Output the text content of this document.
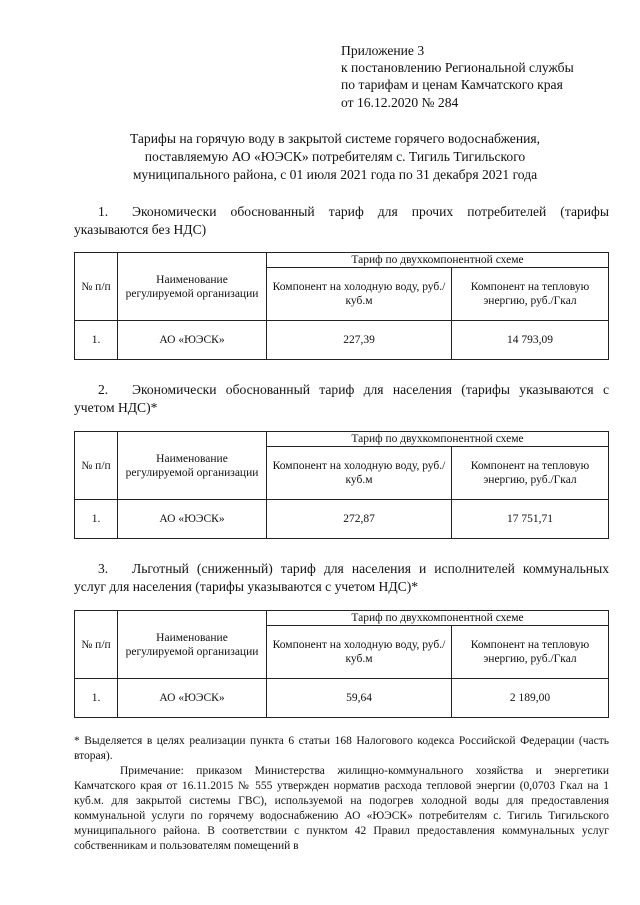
Приложение 3
к постановлению Региональной службы
по тарифам и ценам Камчатского края
от 16.12.2020 № 284
Тарифы на горячую воду в закрытой системе горячего водоснабжения,
поставляемую АО «ЮЭСК» потребителям с. Тигиль Тигильского
муниципального района, с 01 июля 2021 года по 31 декабря 2021 года
1. Экономически обоснованный тариф для прочих потребителей (тарифы указываются без НДС)
№ п/п	Наименование регулируемой организации	Тариф по двухкомпонентной схеме	
		Компонент на холодную воду, руб./куб.м	Компонент на тепловую энергию, руб./Гкал
1.	АО «ЮЭСК»	227,39	14 793,09
2. Экономически обоснованный тариф для населения (тарифы указываются с учетом НДС)*
№ п/п	Наименование регулируемой организации	Тариф по двухкомпонентной схеме	
		Компонент на холодную воду, руб./куб.м	Компонент на тепловую энергию, руб./Гкал
1.	АО «ЮЭСК»	272,87	17 751,71
3. Льготный (сниженный) тариф для населения и исполнителей коммунальных услуг для населения (тарифы указываются с учетом НДС)*
№ п/п	Наименование регулируемой организации	Тариф по двухкомпонентной схеме	
		Компонент на холодную воду, руб./куб.м	Компонент на тепловую энергию, руб./Гкал
1.	АО «ЮЭСК»	59,64	2 189,00

* Выделяется в целях реализации пункта 6 статьи 168 Налогового кодекса Российской Федерации (часть вторая).

Примечание: приказом Министерства жилищно-коммунального хозяйства и энергетики Камчатского края от 16.11.2015 № 555 утвержден норматив расхода тепловой энергии (0,0703 Гкал на 1 куб.м. для закрытой системы ГВС), используемой на подогрев холодной воды для предоставления коммунальной услуги по горячему водоснабжению АО «ЮЭСК» потребителям с. Тигиль Тигильского муниципального района. В соответствии с пунктом 42 Правил предоставления коммунальных услуг собственникам и пользователям помещений в
